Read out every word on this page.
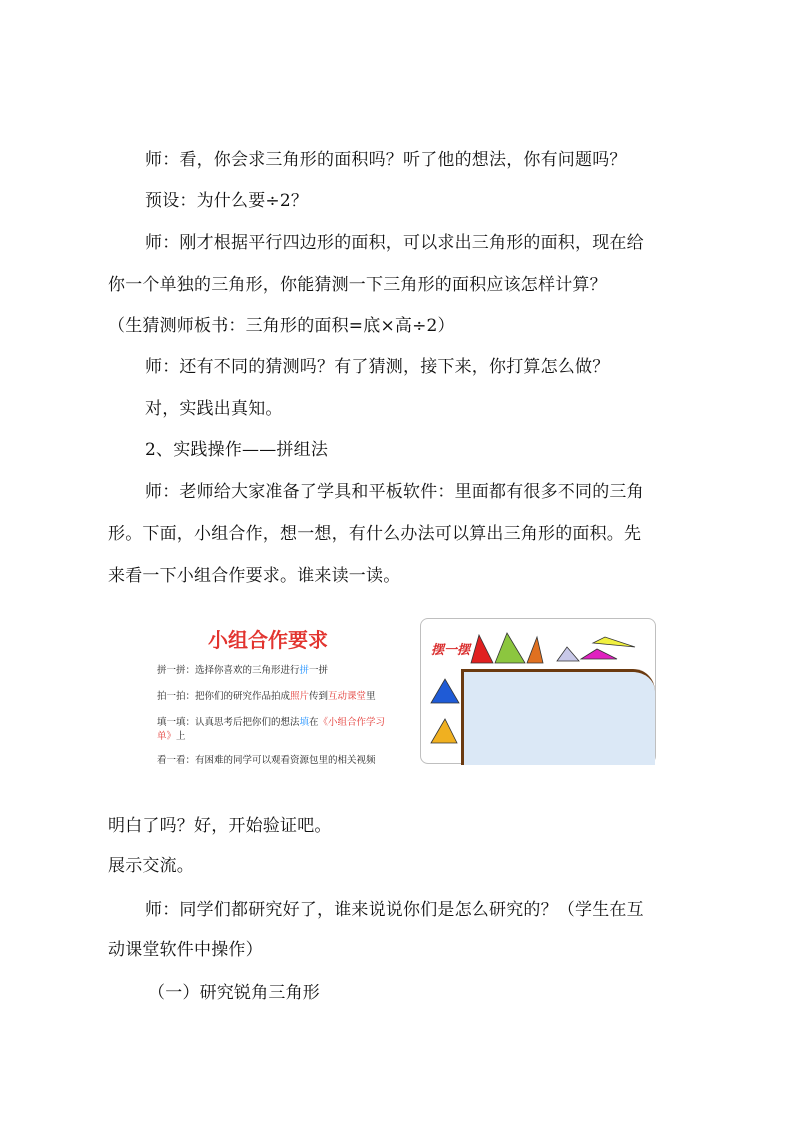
师：看，你会求三角形的面积吗？听了他的想法，你有问题吗？
预设：为什么要÷2？
师：刚才根据平行四边形的面积，可以求出三角形的面积，现在给
你一个单独的三角形，你能猜测一下三角形的面积应该怎样计算？
（生猜测师板书：三角形的面积=底×高÷2）
师：还有不同的猜测吗？有了猜测，接下来，你打算怎么做？
对，实践出真知。
2、实践操作——拼组法
师：老师给大家准备了学具和平板软件：里面都有很多不同的三角
形。下面，小组合作，想一想，有什么办法可以算出三角形的面积。先
来看一下小组合作要求。谁来读一读。
明白了吗？好，开始验证吧。
展示交流。
师：同学们都研究好了，谁来说说你们是怎么研究的？（学生在互
动课堂软件中操作）
（一）研究锐角三角形
小组合作要求
拼一拼：选择你喜欢的三角形进行拼一拼
拍一拍：把你们的研究作品拍成照片传到互动课堂里
填一填：认真思考后把你们的想法填在《小组合作学习
单》上
看一看：有困难的同学可以观看资源包里的相关视频
摆一摆
